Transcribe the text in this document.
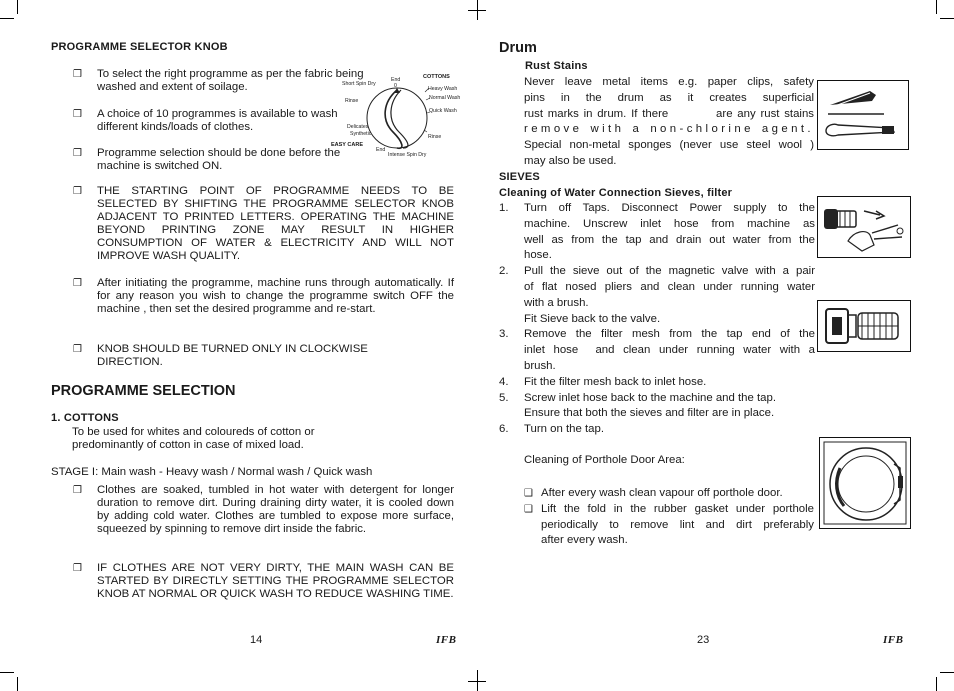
PROGRAMME SELECTOR KNOB
❒ To select the right programme as per the fabric being washed and extent of soilage.
❒ A choice of 10 programmes is available to wash different kinds/loads of clothes.
❒ Programme selection should be done before the machine is switched ON.
COTTONS
End
0
Short Spin Dry
Heavy Wash
Normal Wash
Quick Wash
Rinse
Delicates
Synthetic	Rinse
EASY CARE
End
Intense Spin Dry
❒ THE STARTING POINT OF PROGRAMME NEEDS TO BE SELECTED BY SHIFTING THE PROGRAMME SELECTOR KNOB ADJACENT TO PRINTED LETTERS. OPERATING THE MACHINE BEYOND PRINTING ZONE MAY RESULT IN HIGHER CONSUMPTION OF WATER & ELECTRICITY AND WILL NOT IMPROVE WASH QUALITY.
❒ After initiating the programme, machine runs through automatically. If for any reason you wish to change the programme switch OFF the machine , then set the desired programme and re-start.
❒ KNOB SHOULD BE TURNED ONLY IN CLOCKWISE DIRECTION.
PROGRAMME SELECTION
1. COTTONS
To be used for whites and coloureds of cotton or predominantly of cotton in case of mixed load.
STAGE I: Main wash - Heavy wash / Normal wash / Quick wash
❒ Clothes are soaked, tumbled in hot water with detergent for longer duration to remove dirt. During draining dirty water, it is cooled down by adding cold water. Clothes are tumbled to expose more surface, squeezed by spinning to remove dirt inside the fabric.
❒ IF CLOTHES ARE NOT VERY DIRTY, THE MAIN WASH CAN BE STARTED BY DIRECTLY SETTING THE PROGRAMME SELECTOR KNOB AT NORMAL OR QUICK WASH TO REDUCE WASHING TIME.
14	IFB
Drum
Rust Stains
Never leave metal items e.g. paper clips, safety
pins in the drum as it creates superficial
rust marks in drum. If there          are any rust stains
remove with a non-chlorine agent.
Special non-metal sponges (never use steel wool )
may also be used.
SIEVES
Cleaning of Water Connection Sieves, filter
1. Turn off Taps. Disconnect Power supply to the
machine. Unscrew inlet hose from machine as
well as from the tap and drain out water from the
hose.
2. Pull the sieve out of the magnetic valve with a pair
of flat nosed pliers and clean under running water
with a brush.
Fit Sieve back to the valve.
3. Remove the filter mesh from the tap end of the
inlet hose  and clean under running water with a
brush.
4. Fit the filter mesh back to inlet hose.
5. Screw inlet hose back to the machine and the tap.
Ensure that both the sieves and filter are in place.
6. Turn on the tap.
Cleaning of Porthole Door Area:
❑ After every wash clean vapour off porthole door.
❑ Lift the fold in the rubber gasket under porthole
periodically to remove lint and dirt preferably
after every wash.
23	IFB
